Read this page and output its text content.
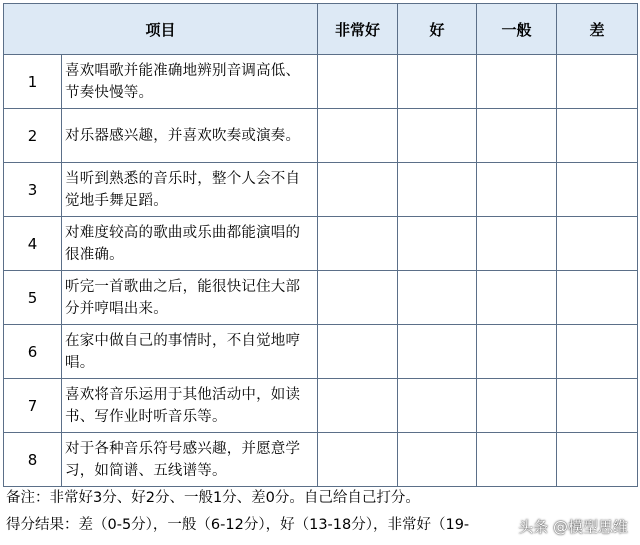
项目		非常好	好	一般	差
1	喜欢唱歌并能准确地辨别音调高低、节奏快慢等。				
2	对乐器感兴趣，并喜欢吹奏或演奏。				
3	当听到熟悉的音乐时，整个人会不自觉地手舞足蹈。				
4	对难度较高的歌曲或乐曲都能演唱的很准确。				
5	听完一首歌曲之后，能很快记住大部分并哼唱出来。				
6	在家中做自己的事情时，不自觉地哼唱。				
7	喜欢将音乐运用于其他活动中，如读书、写作业时听音乐等。				
8	对于各种音乐符号感兴趣，并愿意学习，如简谱、五线谱等。				
备注：非常好3分、好2分、一般1分、差0分。自己给自己打分。
得分结果：差（0-5分），一般（6-12分），好（13-18分），非常好（19-	头条 @模型思维
